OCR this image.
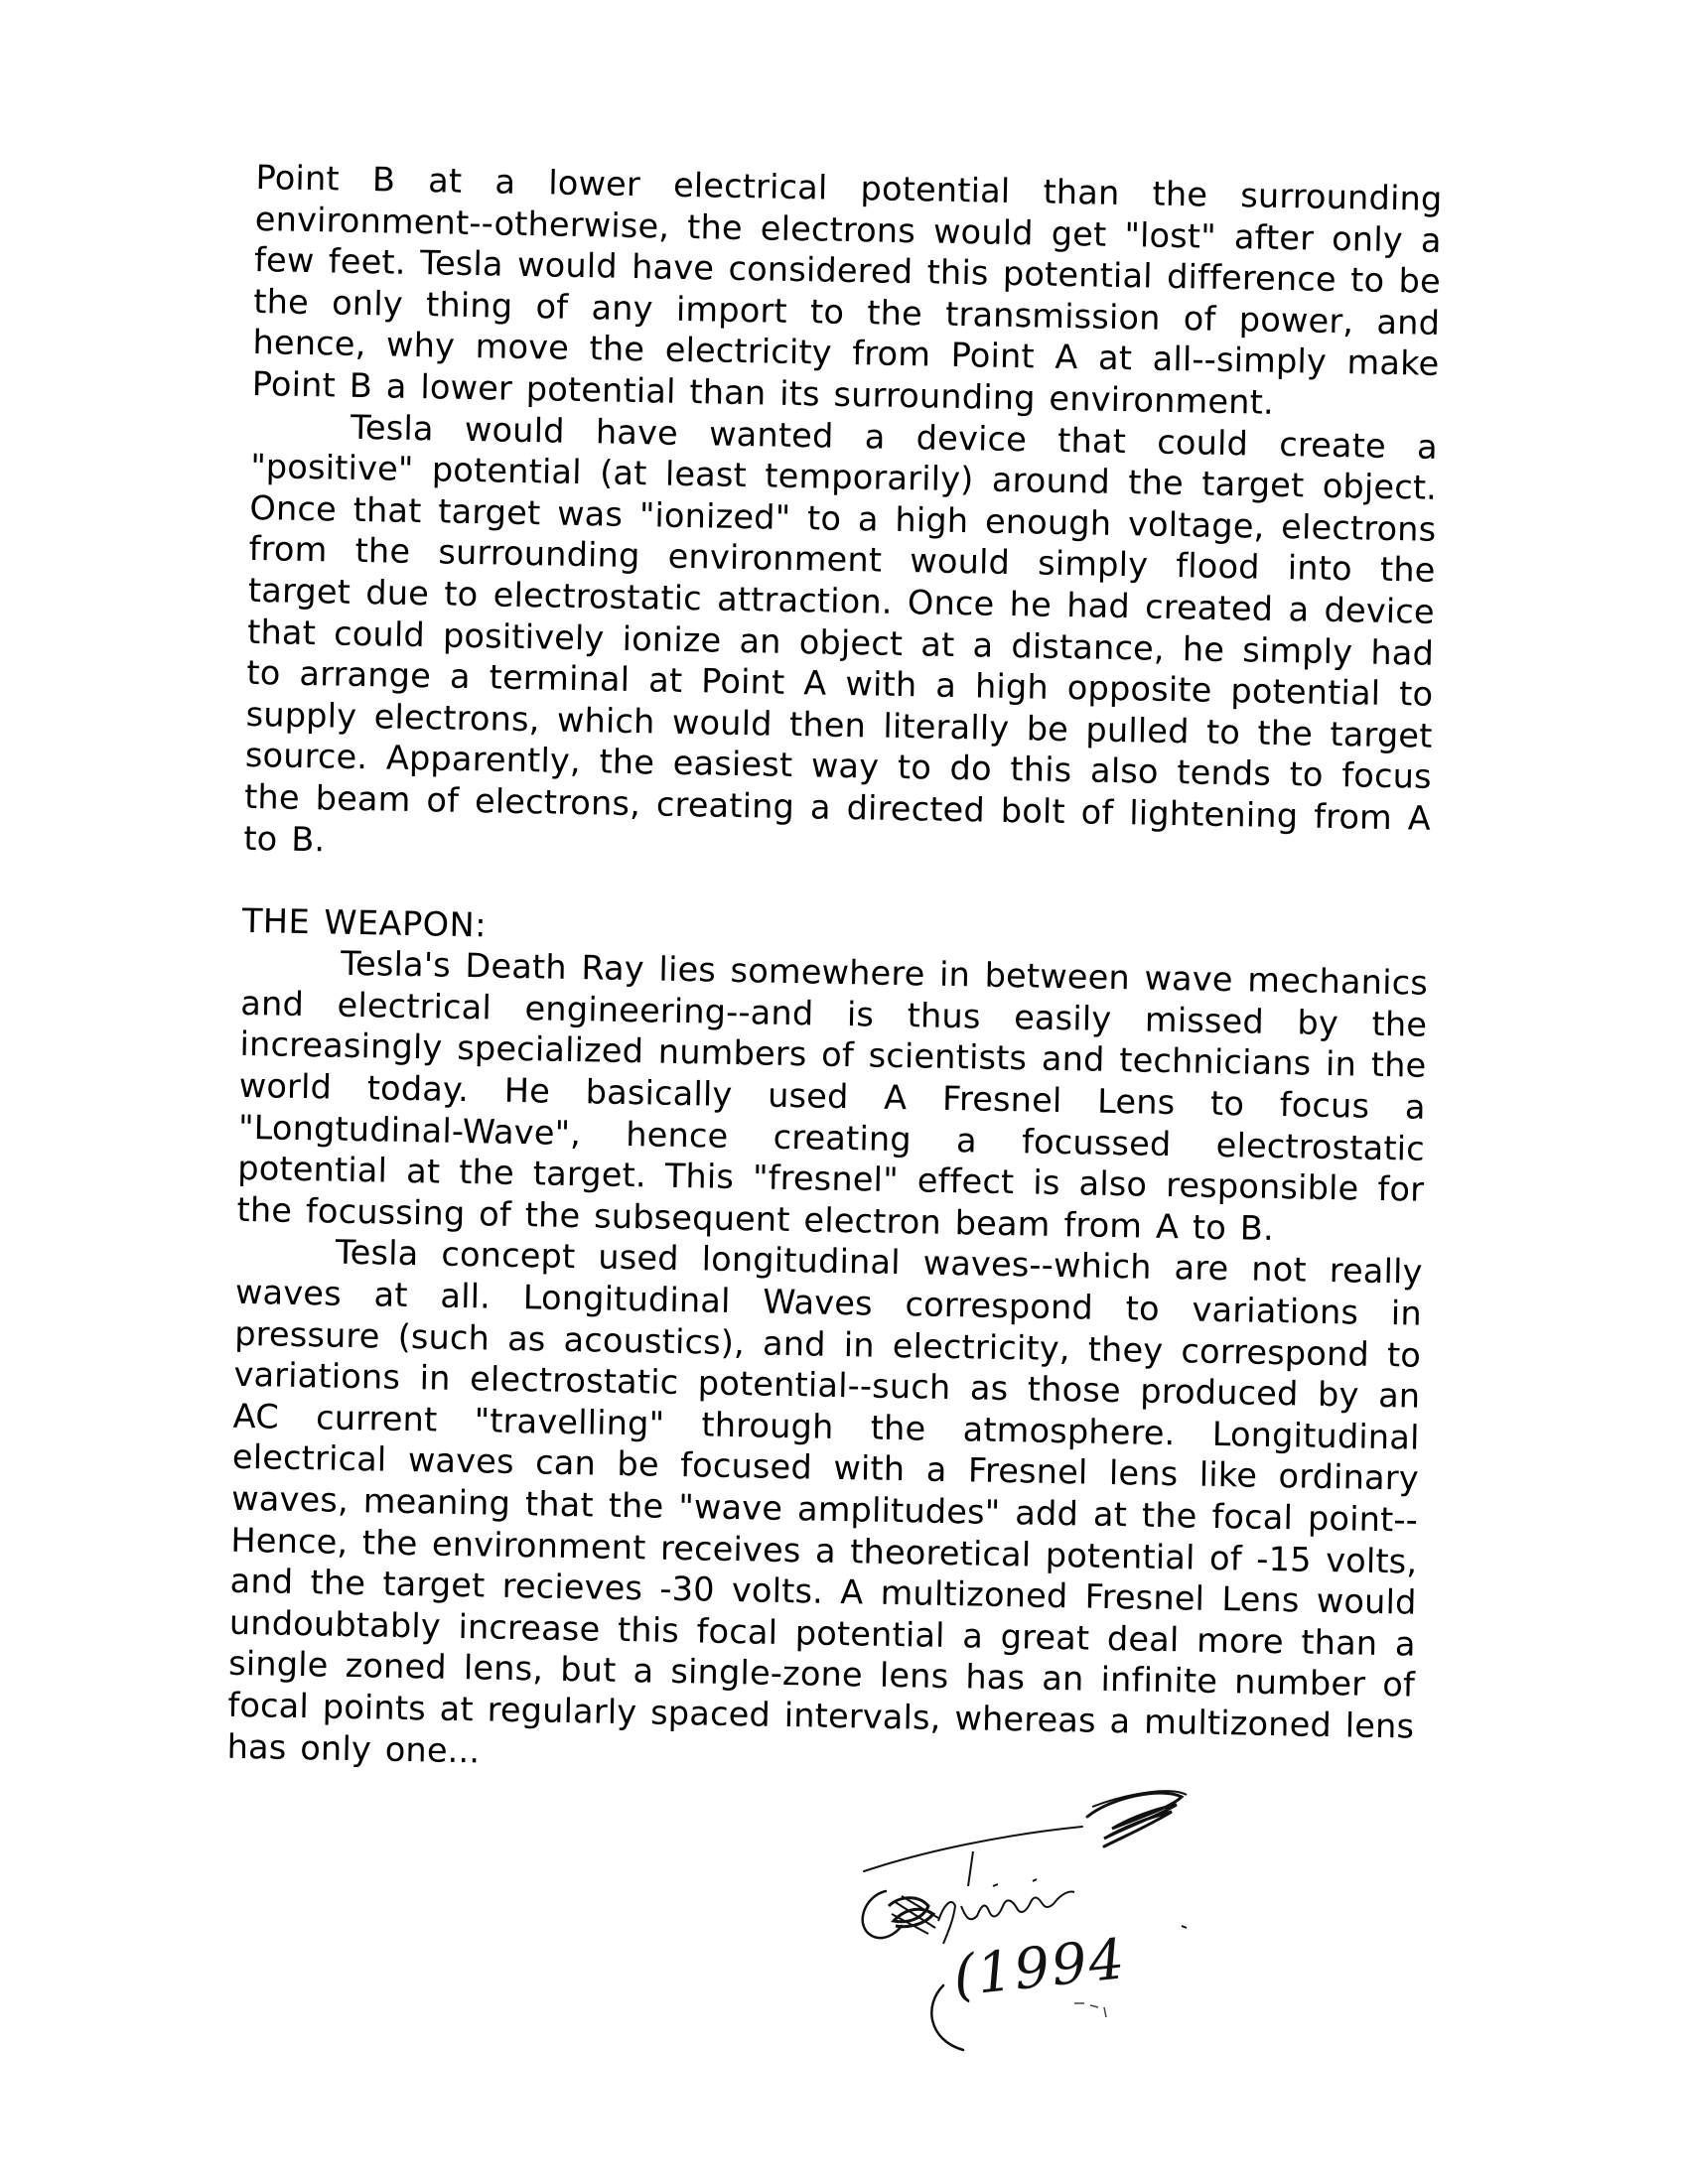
Point B at a lower electrical potential than the surrounding environment--otherwise, the electrons would get "lost" after only a few feet. Tesla would have considered this potential difference to be the only thing of any import to the transmission of power, and hence, why move the electricity from Point A at all--simply make Point B a lower potential than its surrounding environment.

Tesla would have wanted a device that could create a "positive" potential (at least temporarily) around the target object. Once that target was "ionized" to a high enough voltage, electrons from the surrounding environment would simply flood into the target due to electrostatic attraction. Once he had created a device that could positively ionize an object at a distance, he simply had to arrange a terminal at Point A with a high opposite potential to supply electrons, which would then literally be pulled to the target source. Apparently, the easiest way to do this also tends to focus the beam of electrons, creating a directed bolt of lightening from A to B.

THE WEAPON:

Tesla's Death Ray lies somewhere in between wave mechanics and electrical engineering--and is thus easily missed by the increasingly specialized numbers of scientists and technicians in the world today. He basically used A Fresnel Lens to focus a "Longtudinal-Wave", hence creating a focussed electrostatic potential at the target. This "fresnel" effect is also responsible for the focussing of the subsequent electron beam from A to B.

Tesla concept used longitudinal waves--which are not really waves at all. Longitudinal Waves correspond to variations in pressure (such as acoustics), and in electricity, they correspond to variations in electrostatic potential--such as those produced by an AC current "travelling" through the atmosphere. Longitudinal electrical waves can be focused with a Fresnel lens like ordinary waves, meaning that the "wave amplitudes" add at the focal point--Hence, the environment receives a theoretical potential of -15 volts, and the target recieves -30 volts. A multizoned Fresnel Lens would undoubtably increase this focal potential a great deal more than a single zoned lens, but a single-zone lens has an infinite number of focal points at regularly spaced intervals, whereas a multizoned lens has only one...

(1994
